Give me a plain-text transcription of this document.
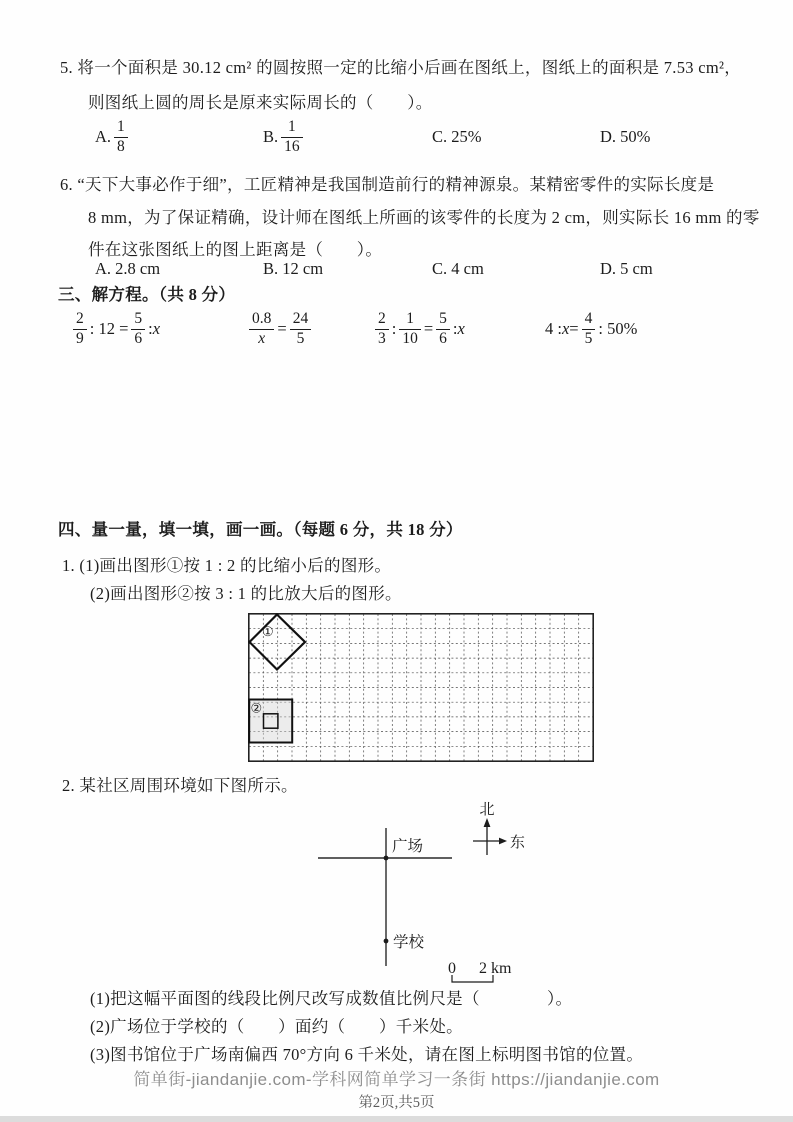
5. 将一个面积是 30.12 cm² 的圆按照一定的比缩小后画在图纸上，图纸上的面积是 7.53 cm²，
则图纸上圆的周长是原来实际周长的（　　）。
A. $\frac{1}{8}$	B. $\frac{1}{16}$	C. 25%	D. 50%
6. “天下大事必作于细”，工匠精神是我国制造前行的精神源泉。某精密零件的实际长度是
8 mm，为了保证精确，设计师在图纸上所画的该零件的长度为 2 cm，则实际长 16 mm 的零
件在这张图纸上的图上距离是（　　）。
A. 2.8 cm	B. 12 cm	C. 4 cm	D. 5 cm
三、解方程。（共 8 分）
$\frac{2}{9}$ : $12 = \frac{5}{6}$ : x	$\frac{0.8}{x} = \frac{24}{5}$	$\frac{2}{3}$ : $\frac{1}{10} = \frac{5}{6}$ : x	4 : $x = \frac{4}{5}$ : 50%
四、量一量，填一填，画一画。（每题 6 分，共 18 分）
1. (1)画出图形①按 1 : 2 的比缩小后的图形。
(2)画出图形②按 3 : 1 的比放大后的图形。
①
②
2. 某社区周围环境如下图所示。
广场
学校
北
东
0 2 km
(1)把这幅平面图的线段比例尺改写成数值比例尺是（　　　　）。
(2)广场位于学校的（　　）面约（　　）千米处。
(3)图书馆位于广场南偏西 70°方向 6 千米处，请在图上标明图书馆的位置。
简单街-jiandanjie.com-学科网简单学习一条街 https://jiandanjie.com
第2页,共5页
